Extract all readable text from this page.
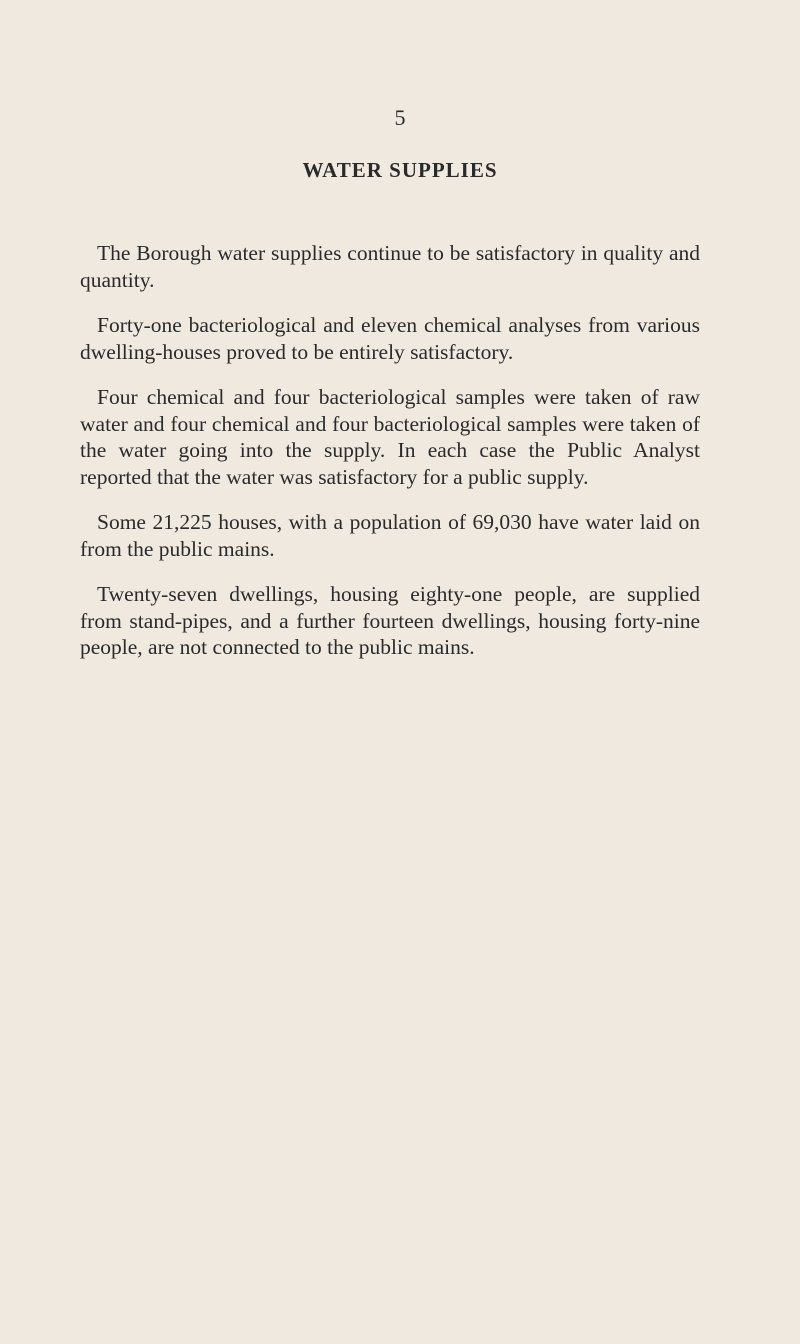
5
WATER SUPPLIES

The Borough water supplies continue to be satisfactory in quality and quantity.

Forty-one bacteriological and eleven chemical analyses from various dwelling-houses proved to be entirely satisfactory.

Four chemical and four bacteriological samples were taken of raw water and four chemical and four bacteriological samples were taken of the water going into the supply. In each case the Public Analyst reported that the water was satisfactory for a public supply.

Some 21,225 houses, with a population of 69,030 have water laid on from the public mains.

Twenty-seven dwellings, housing eighty-one people, are supplied from stand-pipes, and a further fourteen dwellings, housing forty-nine people, are not connected to the public mains.
